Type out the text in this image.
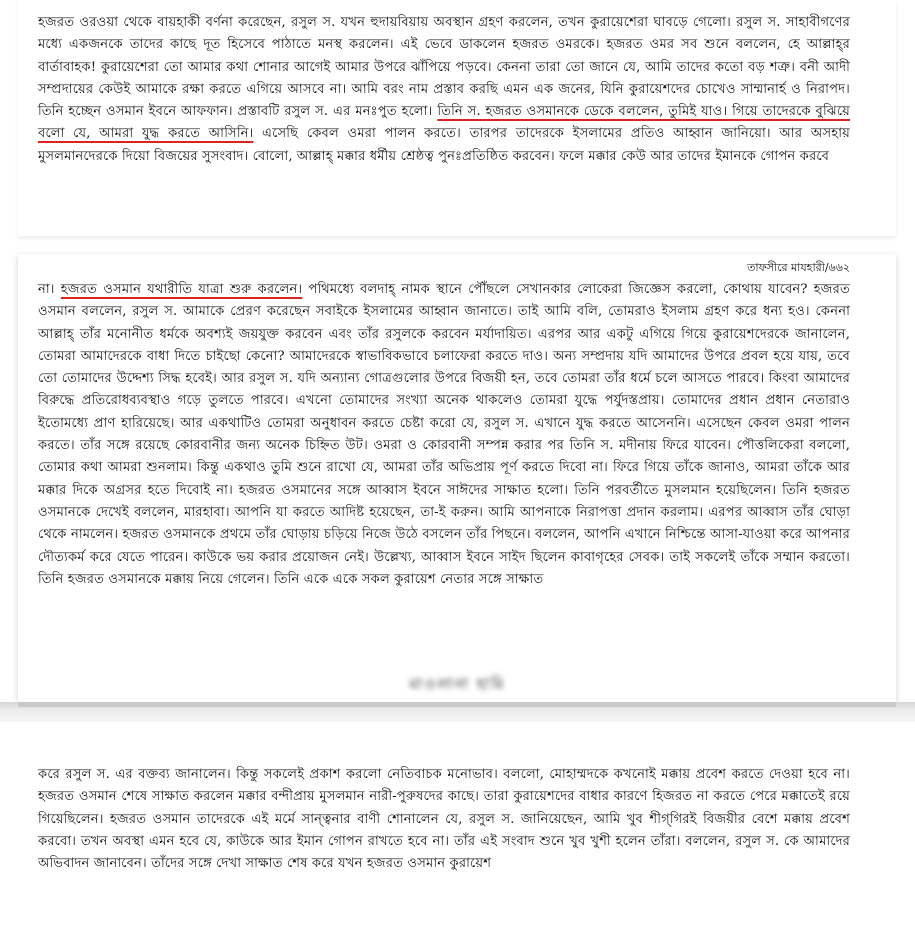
হজরত ওরওয়া থেকে বায়হাকী বর্ণনা করেছেন, রসুল স. যখন হুদায়বিয়ায় অবস্থান গ্রহণ করলেন, তখন কুরায়েশেরা ঘাবড়ে গেলো। রসুল স. সাহাবীগণের মধ্যে একজনকে তাদের কাছে দূত হিসেবে পাঠাতে মনস্থ করলেন। এই ভেবে ডাকলেন হজরত ওমরকে। হজরত ওমর সব শুনে বললেন, হে আল্লাহ্‌র বার্তাবাহক! কুরায়েশেরা তো আমার কথা শোনার আগেই আমার উপরে ঝাঁপিয়ে পড়বে। কেননা তারা তো জানে যে, আমি তাদের কতো বড় শত্রু। বনী আদী সম্প্রদায়ের কেউই আমাকে রক্ষা করতে এগিয়ে আসবে না। আমি বরং নাম প্রস্তাব করছি এমন এক জনের, যিনি কুরায়েশদের চোখেও সাম্মানার্হ ও নিরাপদ। তিনি হচ্ছেন ওসমান ইবনে আফফান। প্রস্তাবটি রসুল স. এর মনঃপুত হলো। তিনি স. হজরত ওসমানকে ডেকে বললেন, তুমিই যাও। গিয়ে তাদেরকে বুঝিয়ে বলো যে, আমরা যুদ্ধ করতে আসিনি। এসেছি কেবল ওমরা পালন করতে। তারপর তাদেরকে ইসলামের প্রতিও আহ্বান জানিয়ো। আর অসহায় মুসলমানদেরকে দিয়ো বিজয়ের সুসংবাদ। বোলো, আল্লাহ্‌ মক্কার ধর্মীয় শ্রেষ্ঠত্ব পুনঃপ্রতিষ্ঠিত করবেন। ফলে মক্কার কেউ আর তাদের ইমানকে গোপন করবে

তাফসীরে মাযহারী/৬৬২

না। হজরত ওসমান যথারীতি যাত্রা শুরু করলেন। পথিমধ্যে বলদাহ্‌ নামক স্থানে পৌঁছলে সেখানকার লোকেরা জিজ্ঞেস করলো, কোথায় যাবেন? হজরত ওসমান বললেন, রসুল স. আমাকে প্রেরণ করেছেন সবাইকে ইসলামের আহ্বান জানাতে। তাই আমি বলি, তোমরাও ইসলাম গ্রহণ করে ধন্য হও। কেননা আল্লাহ্‌ তাঁর মনোনীত ধর্মকে অবশ্যই জয়যুক্ত করবেন এবং তাঁর রসুলকে করবেন মর্যাদায়িত। এরপর আর একটু এগিয়ে গিয়ে কুরায়েশদেরকে জানালেন, তোমরা আমাদেরকে বাধা দিতে চাইছো কেনো? আমাদেরকে স্বাভাবিকভাবে চলাফেরা করতে দাও। অন্য সম্প্রদায় যদি আমাদের উপরে প্রবল হয়ে যায়, তবে তো তোমাদের উদ্দেশ্য সিদ্ধ হবেই। আর রসুল স. যদি অন্যান্য গোত্রগুলোর উপরে বিজয়ী হন, তবে তোমরা তাঁর ধর্মে চলে আসতে পারবে। কিংবা আমাদের বিরুদ্ধে প্রতিরোধব্যবস্থাও গড়ে তুলতে পারবে। এখনো তোমাদের সংখ্যা অনেক থাকলেও তোমরা যুদ্ধে পর্যুদস্তপ্রায়। তোমাদের প্রধান প্রধান নেতারাও ইতোমধ্যে প্রাণ হারিয়েছে। আর একথাটিও তোমরা অনুধাবন করতে চেষ্টা করো যে, রসুল স. এখানে যুদ্ধ করতে আসেননি। এসেছেন কেবল ওমরা পালন করতে। তাঁর সঙ্গে রয়েছে কোরবানীর জন্য অনেক চিহ্নিত উট। ওমরা ও কোরবানী সম্পন্ন করার পর তিনি স. মদীনায় ফিরে যাবেন। পৌত্তলিকেরা বললো, তোমার কথা আমরা শুনলাম। কিন্তু একথাও তুমি শুনে রাখো যে, আমরা তাঁর অভিপ্রায় পূর্ণ করতে দিবো না। ফিরে গিয়ে তাঁকে জানাও, আমরা তাঁকে আর মক্কার দিকে অগ্রসর হতে দিবোই না। হজরত ওসমানের সঙ্গে আব্বাস ইবনে সাঈদের সাক্ষাত হলো। তিনি পরবর্তীতে মুসলমান হয়েছিলেন। তিনি হজরত ওসমানকে দেখেই বললেন, মারহাবা। আপনি যা করতে আদিষ্ট হয়েছেন, তা-ই করুন। আমি আপনাকে নিরাপত্তা প্রদান করলাম। এরপর আব্বাস তাঁর ঘোড়া থেকে নামলেন। হজরত ওসমানকে প্রথমে তাঁর ঘোড়ায় চড়িয়ে নিজে উঠে বসলেন তাঁর পিছনে। বললেন, আপনি এখানে নিশ্চিন্তে আসা-যাওয়া করে আপনার দৌত্যকর্ম করে যেতে পারেন। কাউকে ভয় করার প্রয়োজন নেই। উল্লেখ্য, আব্বাস ইবনে সাইদ ছিলেন কাবাগৃহের সেবক। তাই সকলেই তাঁকে সম্মান করতো। তিনি হজরত ওসমানকে মক্কায় নিয়ে গেলেন। তিনি একে একে সকল কুরায়েশ নেতার সঙ্গে সাক্ষাত

মাওলানা হামি

করে রসুল স. এর বক্তব্য জানালেন। কিন্তু সকলেই প্রকাশ করলো নেতিবাচক মনোভাব। বললো, মোহাম্মদকে কখনোই মক্কায় প্রবেশ করতে দেওয়া হবে না। হজরত ওসমান শেষে সাক্ষাত করলেন মক্কার বন্দীপ্রায় মুসলমান নারী-পুরুষদের কাছে। তারা কুরায়েশদের বাধার কারণে হিজরত না করতে পেরে মক্কাতেই রয়ে গিয়েছিলেন। হজরত ওসমান তাদেরকে এই মর্মে সান্ত্বনার বাণী শোনালেন যে, রসুল স. জানিয়েছেন, আমি খুব শীগ্‌গিরই বিজয়ীর বেশে মক্কায় প্রবেশ করবো। তখন অবস্থা এমন হবে যে, কাউকে আর ইমান গোপন রাখতে হবে না। তাঁর এই সংবাদ শুনে খুব খুশী হলেন তাঁরা। বললেন, রসুল স. কে আমাদের অভিবাদন জানাবেন। তাঁদের সঙ্গে দেখা সাক্ষাত শেষ করে যখন হজরত ওসমান কুরায়েশ
